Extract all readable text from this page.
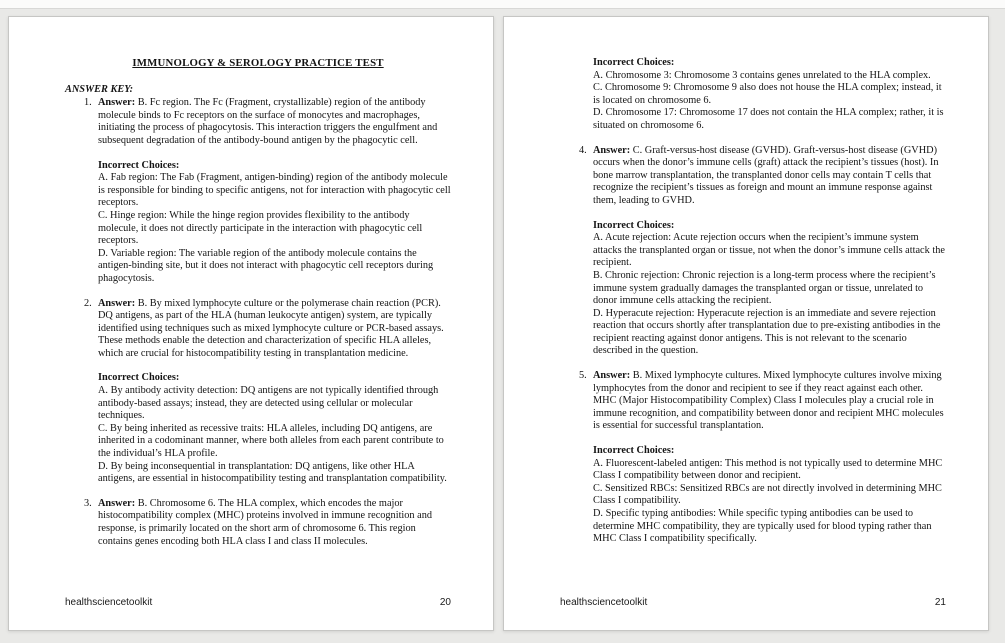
IMMUNOLOGY & SEROLOGY PRACTICE TEST
ANSWER KEY:
1. Answer: B. Fc region. The Fc (Fragment, crystallizable) region of the antibody molecule binds to Fc receptors on the surface of monocytes and macrophages, initiating the process of phagocytosis. This interaction triggers the engulfment and subsequent degradation of the antibody-bound antigen by the phagocytic cell.
Incorrect Choices:
A. Fab region: The Fab (Fragment, antigen-binding) region of the antibody molecule is responsible for binding to specific antigens, not for interaction with phagocytic cell receptors.
C. Hinge region: While the hinge region provides flexibility to the antibody molecule, it does not directly participate in the interaction with phagocytic cell receptors.
D. Variable region: The variable region of the antibody molecule contains the antigen-binding site, but it does not interact with phagocytic cell receptors during phagocytosis.
2. Answer: B. By mixed lymphocyte culture or the polymerase chain reaction (PCR). DQ antigens, as part of the HLA (human leukocyte antigen) system, are typically identified using techniques such as mixed lymphocyte culture or PCR-based assays. These methods enable the detection and characterization of specific HLA alleles, which are crucial for histocompatibility testing in transplantation medicine.
Incorrect Choices:
A. By antibody activity detection: DQ antigens are not typically identified through antibody-based assays; instead, they are detected using cellular or molecular techniques.
C. By being inherited as recessive traits: HLA alleles, including DQ antigens, are inherited in a codominant manner, where both alleles from each parent contribute to the individual’s HLA profile.
D. By being inconsequential in transplantation: DQ antigens, like other HLA antigens, are essential in histocompatibility testing and transplantation compatibility.
3. Answer: B. Chromosome 6. The HLA complex, which encodes the major histocompatibility complex (MHC) proteins involved in immune recognition and response, is primarily located on the short arm of chromosome 6. This region contains genes encoding both HLA class I and class II molecules.
healthsciencetoolkit	20
Incorrect Choices:
A. Chromosome 3: Chromosome 3 contains genes unrelated to the HLA complex.
C. Chromosome 9: Chromosome 9 also does not house the HLA complex; instead, it is located on chromosome 6.
D. Chromosome 17: Chromosome 17 does not contain the HLA complex; rather, it is situated on chromosome 6.
4. Answer: C. Graft-versus-host disease (GVHD). Graft-versus-host disease (GVHD) occurs when the donor’s immune cells (graft) attack the recipient’s tissues (host). In bone marrow transplantation, the transplanted donor cells may contain T cells that recognize the recipient’s tissues as foreign and mount an immune response against them, leading to GVHD.
Incorrect Choices:
A. Acute rejection: Acute rejection occurs when the recipient’s immune system attacks the transplanted organ or tissue, not when the donor’s immune cells attack the recipient.
B. Chronic rejection: Chronic rejection is a long-term process where the recipient’s immune system gradually damages the transplanted organ or tissue, unrelated to donor immune cells attacking the recipient.
D. Hyperacute rejection: Hyperacute rejection is an immediate and severe rejection reaction that occurs shortly after transplantation due to pre-existing antibodies in the recipient reacting against donor antigens. This is not relevant to the scenario described in the question.
5. Answer: B. Mixed lymphocyte cultures. Mixed lymphocyte cultures involve mixing lymphocytes from the donor and recipient to see if they react against each other. MHC (Major Histocompatibility Complex) Class I molecules play a crucial role in immune recognition, and compatibility between donor and recipient MHC molecules is essential for successful transplantation.
Incorrect Choices:
A. Fluorescent-labeled antigen: This method is not typically used to determine MHC Class I compatibility between donor and recipient.
C. Sensitized RBCs: Sensitized RBCs are not directly involved in determining MHC Class I compatibility.
D. Specific typing antibodies: While specific typing antibodies can be used to determine MHC compatibility, they are typically used for blood typing rather than MHC Class I compatibility specifically.
healthsciencetoolkit	21
